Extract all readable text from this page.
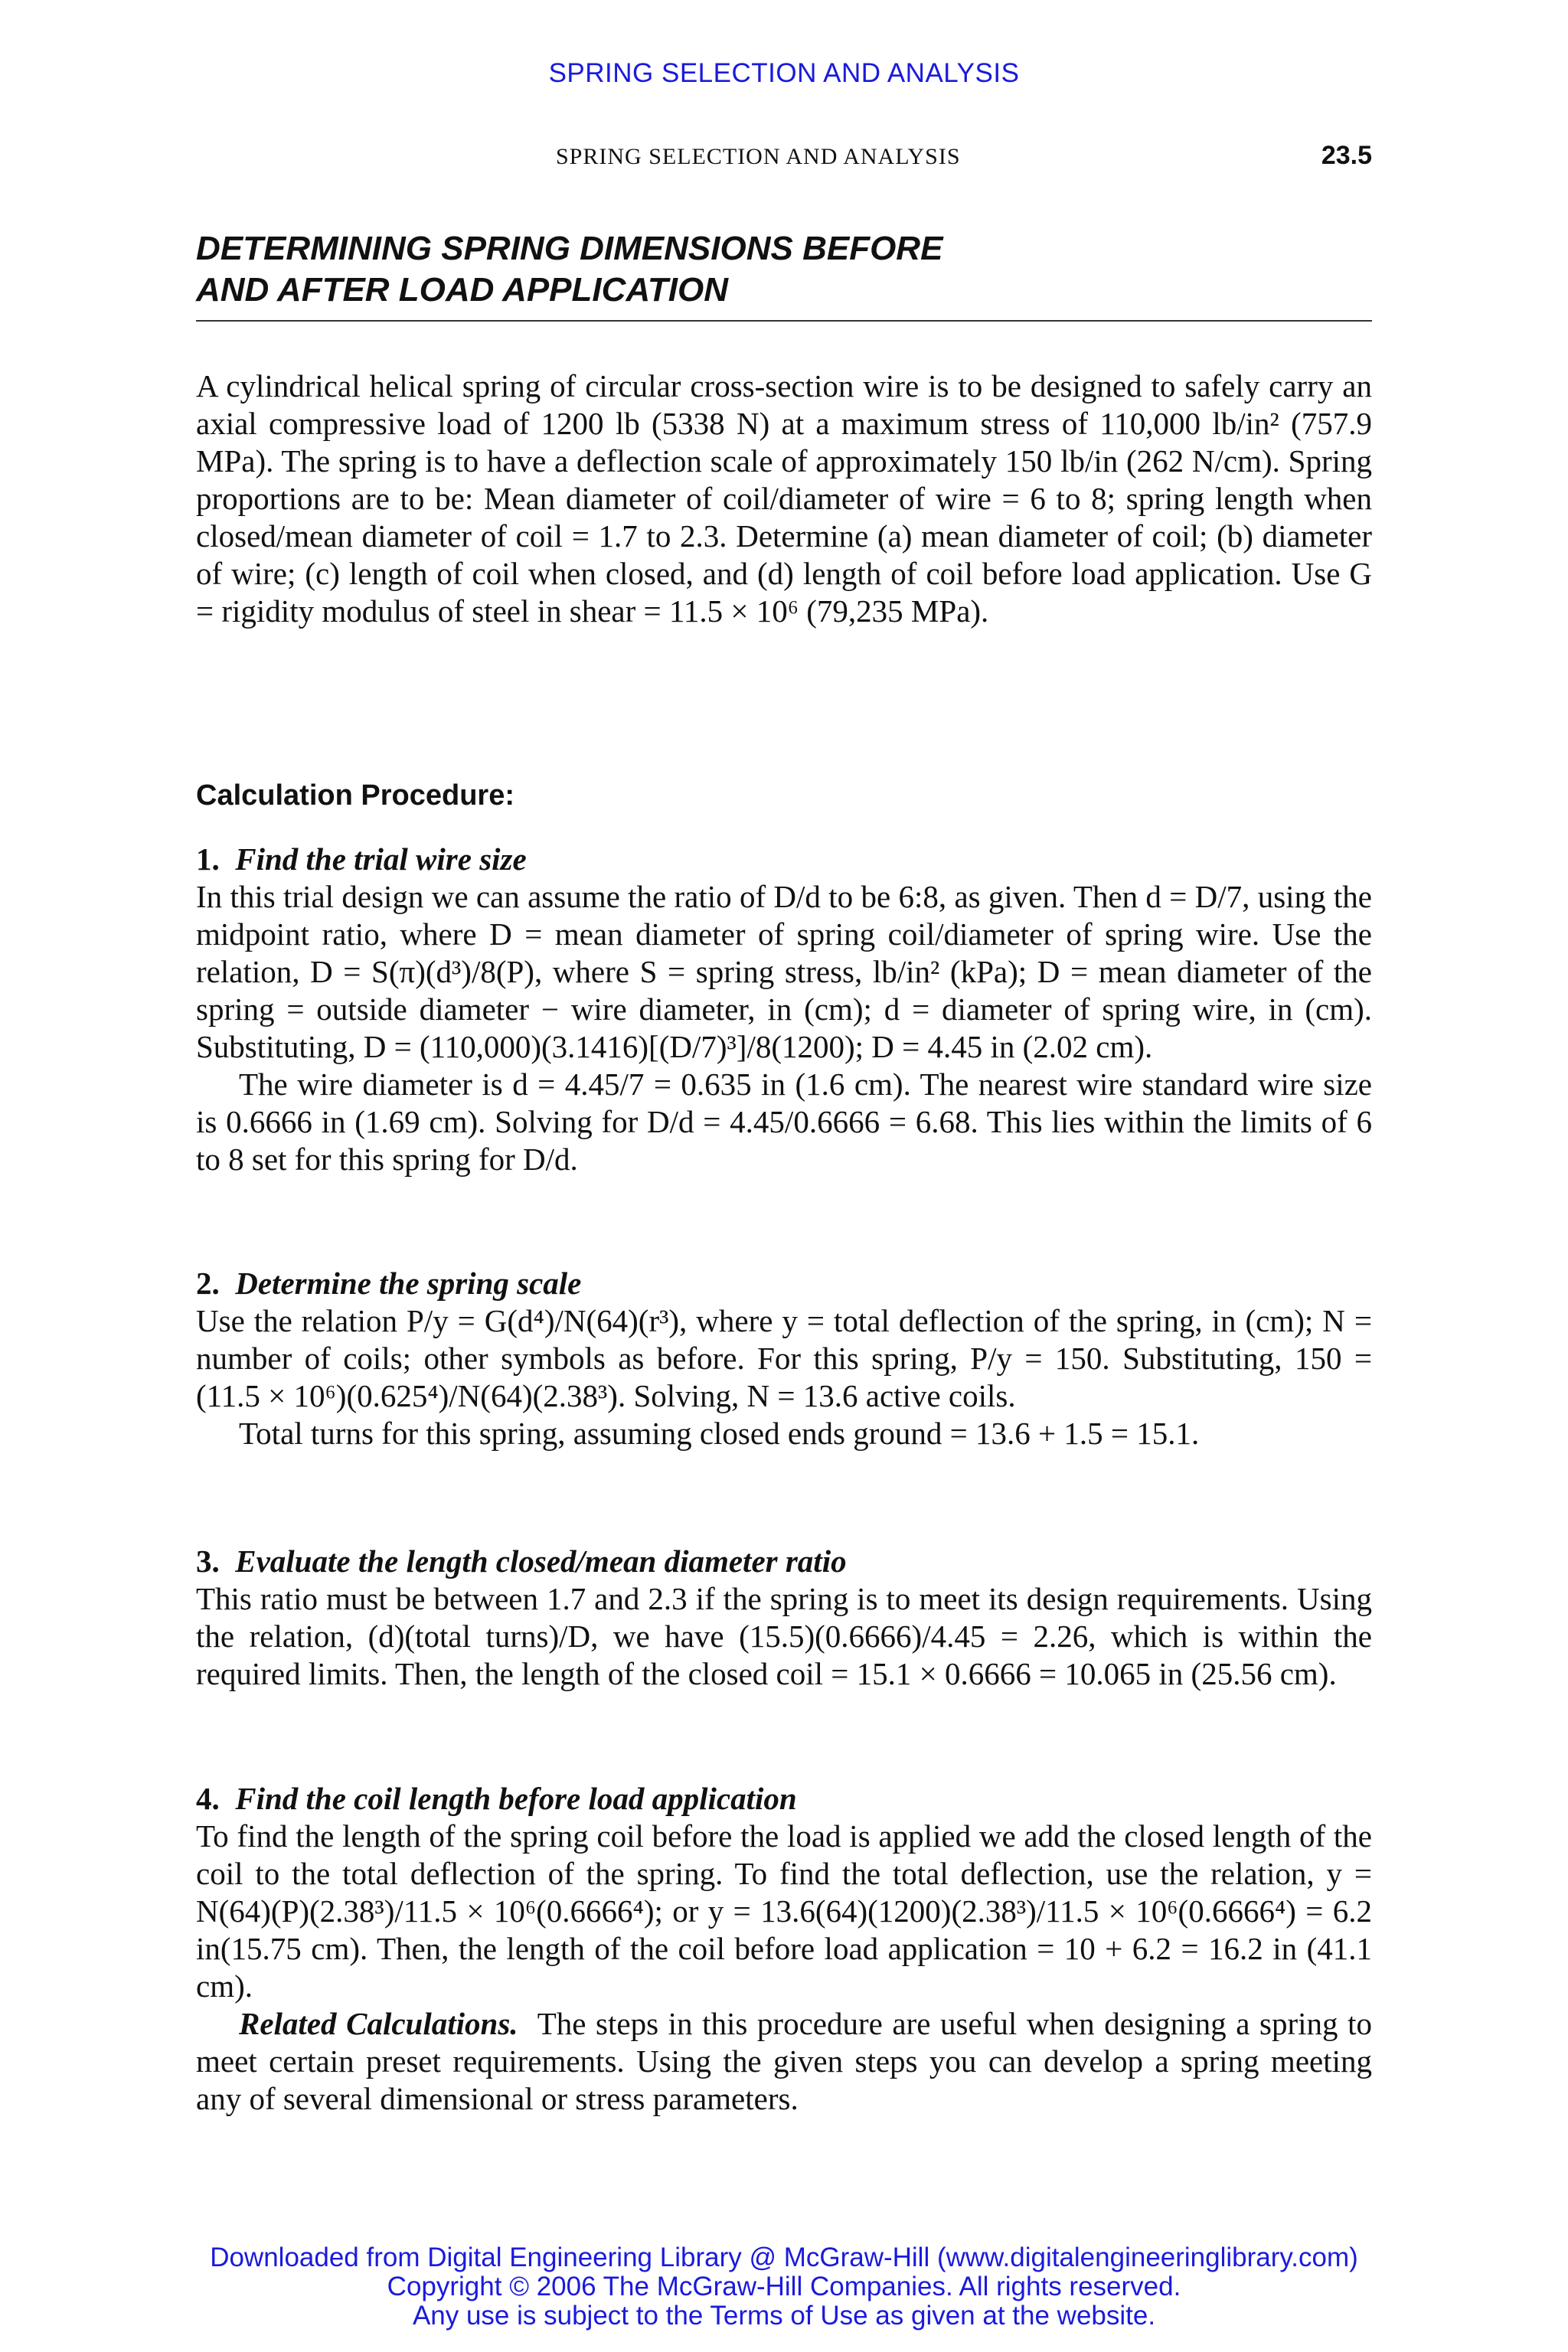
SPRING SELECTION AND ANALYSIS
SPRING SELECTION AND ANALYSIS	23.5
DETERMINING SPRING DIMENSIONS BEFORE
AND AFTER LOAD APPLICATION

A cylindrical helical spring of circular cross-section wire is to be designed to safely carry an axial compressive load of 1200 lb (5338 N) at a maximum stress of 110,000 lb/in² (757.9 MPa). The spring is to have a deflection scale of approximately 150 lb/in (262 N/cm). Spring proportions are to be: Mean diameter of coil/diameter of wire = 6 to 8; spring length when closed/mean diameter of coil = 1.7 to 2.3. Determine (a) mean diameter of coil; (b) diameter of wire; (c) length of coil when closed, and (d) length of coil before load application. Use G = rigidity modulus of steel in shear = 11.5 × 10⁶ (79,235 MPa).

Calculation Procedure:

1. Find the trial wire size

In this trial design we can assume the ratio of D/d to be 6:8, as given. Then d = D/7, using the midpoint ratio, where D = mean diameter of spring coil/diameter of spring wire. Use the relation, D = S(π)(d³)/8(P), where S = spring stress, lb/in² (kPa); D = mean diameter of the spring = outside diameter − wire diameter, in (cm); d = diameter of spring wire, in (cm). Substituting, D = (110,000)(3.1416)[(D/7)³]/8(1200); D = 4.45 in (2.02 cm).

The wire diameter is d = 4.45/7 = 0.635 in (1.6 cm). The nearest wire standard wire size is 0.6666 in (1.69 cm). Solving for D/d = 4.45/0.6666 = 6.68. This lies within the limits of 6 to 8 set for this spring for D/d.

2. Determine the spring scale

Use the relation P/y = G(d⁴)/N(64)(r³), where y = total deflection of the spring, in (cm); N = number of coils; other symbols as before. For this spring, P/y = 150. Substituting, 150 = (11.5 × 10⁶)(0.625⁴)/N(64)(2.38³). Solving, N = 13.6 active coils.

Total turns for this spring, assuming closed ends ground = 13.6 + 1.5 = 15.1.

3. Evaluate the length closed/mean diameter ratio

This ratio must be between 1.7 and 2.3 if the spring is to meet its design requirements. Using the relation, (d)(total turns)/D, we have (15.5)(0.6666)/4.45 = 2.26, which is within the required limits. Then, the length of the closed coil = 15.1 × 0.6666 = 10.065 in (25.56 cm).

4. Find the coil length before load application

To find the length of the spring coil before the load is applied we add the closed length of the coil to the total deflection of the spring. To find the total deflection, use the relation, y = N(64)(P)(2.38³)/11.5 × 10⁶(0.6666⁴); or y = 13.6(64)(1200)(2.38³)/11.5 × 10⁶(0.6666⁴) = 6.2 in(15.75 cm). Then, the length of the coil before load application = 10 + 6.2 = 16.2 in (41.1 cm).

Related Calculations. The steps in this procedure are useful when designing a spring to meet certain preset requirements. Using the given steps you can develop a spring meeting any of several dimensional or stress parameters.

Downloaded from Digital Engineering Library @ McGraw-Hill (www.digitalengineeringlibrary.com)
Copyright © 2006 The McGraw-Hill Companies. All rights reserved.
Any use is subject to the Terms of Use as given at the website.
